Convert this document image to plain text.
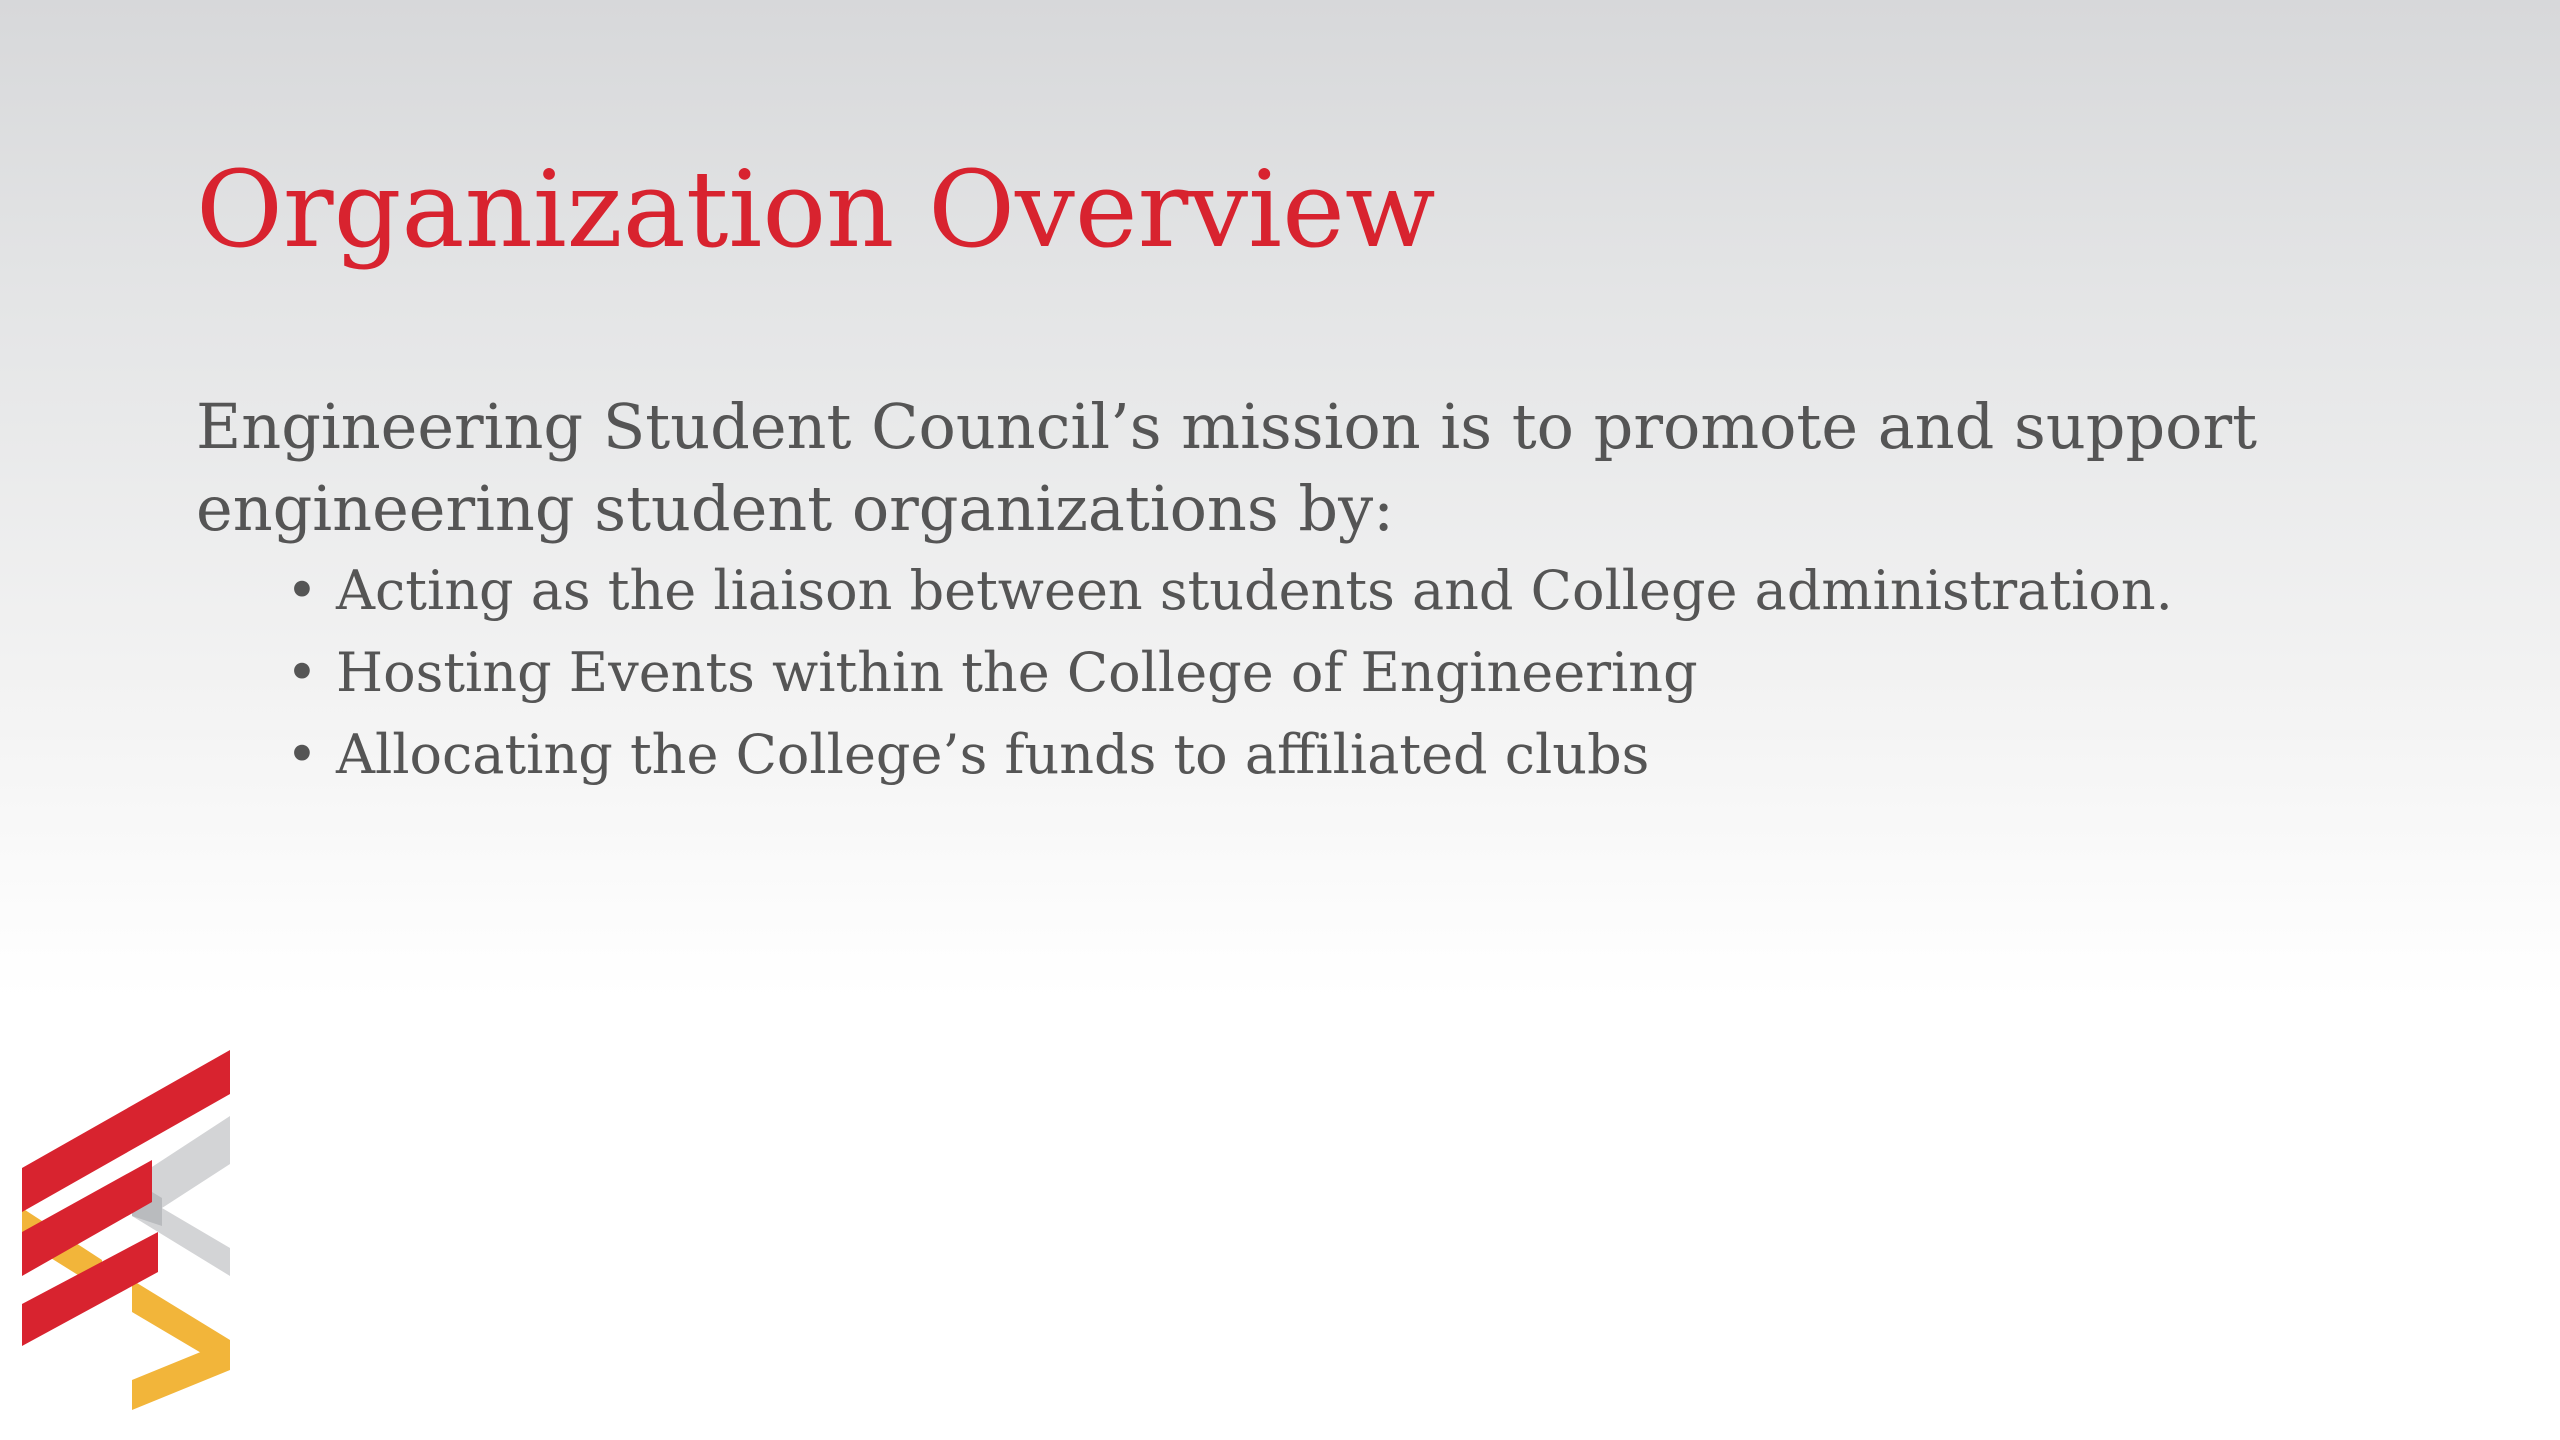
Organization Overview

Engineering Student Council’s mission is to promote and support engineering student organizations by:

• Acting as the liaison between students and College administration.
• Hosting Events within the College of Engineering
• Allocating the College’s funds to affiliated clubs
